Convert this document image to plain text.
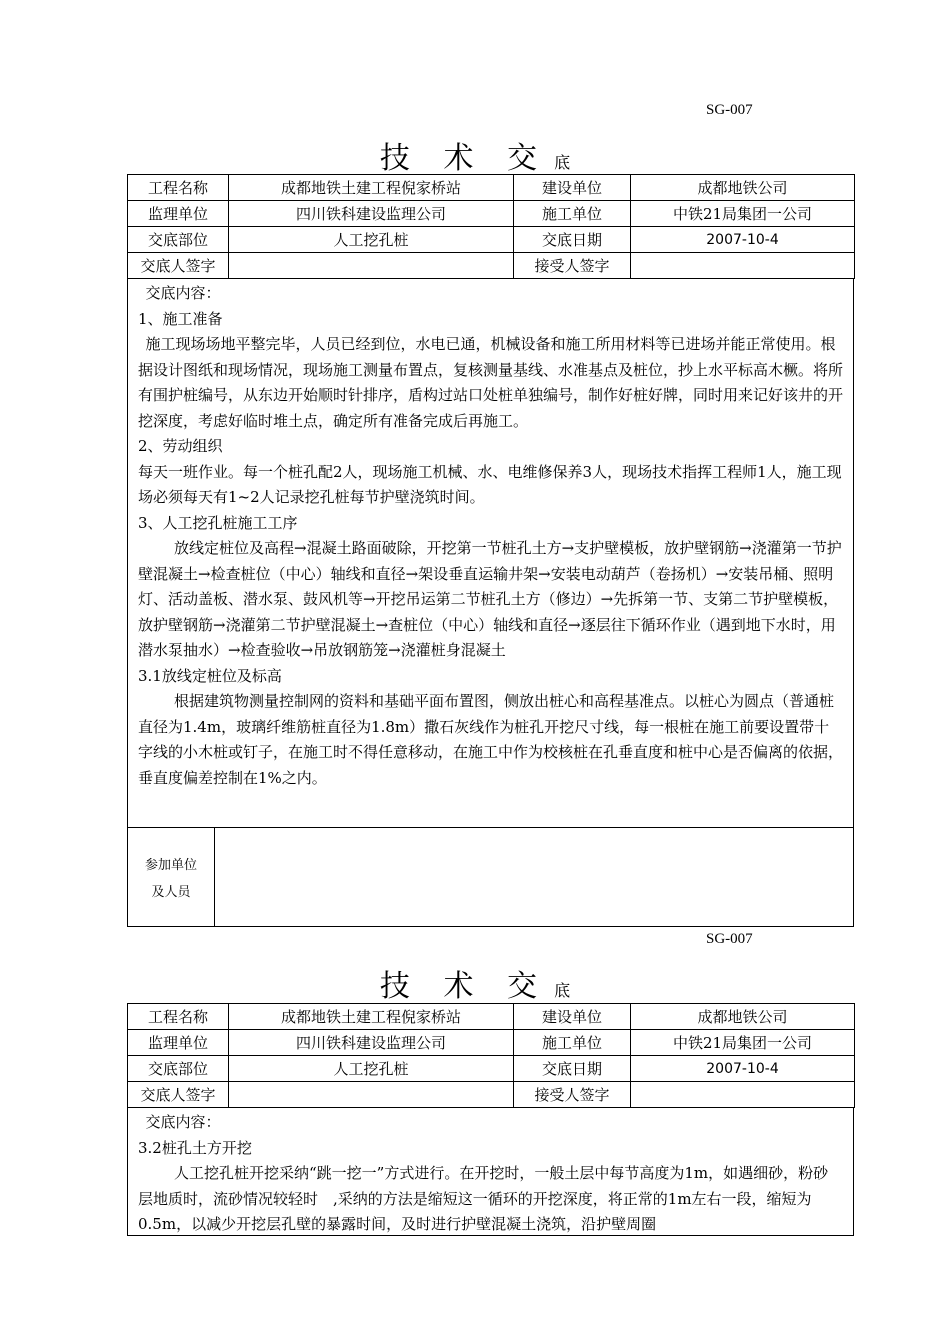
SG-007
技 术 交 底
工程名称	成都地铁土建工程倪家桥站	建设单位	成都地铁公司
监理单位	四川铁科建设监理公司	施工单位	中铁21局集团一公司
交底部位	人工挖孔桩	交底日期	2007-10-4
交底人签字		接受人签字	

交底内容：

1、施工准备

施工现场场地平整完毕，人员已经到位，水电已通，机械设备和施工所用材料等已进场并能正常使用。根据设计图纸和现场情况，现场施工测量布置点，复核测量基线、水准基点及桩位，抄上水平标高木橛。将所有围护桩编号，从东边开始顺时针排序，盾构过站口处桩单独编号，制作好桩好牌，同时用来记好该井的开挖深度，考虑好临时堆土点，确定所有准备完成后再施工。

2、劳动组织

每天一班作业。每一个桩孔配2人，现场施工机械、水、电维修保养3人，现场技术指挥工程师1人，施工现场必须每天有1~2人记录挖孔桩每节护壁浇筑时间。

3、人工挖孔桩施工工序

放线定桩位及高程→混凝土路面破除，开挖第一节桩孔土方→支护壁模板，放护壁钢筋→浇灌第一节护壁混凝土→检查桩位（中心）轴线和直径→架设垂直运输井架→安装电动葫芦（卷扬机）→安装吊桶、照明灯、活动盖板、潜水泵、鼓风机等→开挖吊运第二节桩孔土方（修边）→先拆第一节、支第二节护壁模板，放护壁钢筋→浇灌第二节护壁混凝土→查桩位（中心）轴线和直径→逐层往下循环作业（遇到地下水时，用潜水泵抽水）→检查验收→吊放钢筋笼→浇灌桩身混凝土

3.1放线定桩位及标高

根据建筑物测量控制网的资料和基础平面布置图，侧放出桩心和高程基准点。以桩心为圆点（普通桩直径为1.4m，玻璃纤维筋桩直径为1.8m）撒石灰线作为桩孔开挖尺寸线，每一根桩在施工前要设置带十字线的小木桩或钉子，在施工时不得任意移动，在施工中作为校核桩在孔垂直度和桩中心是否偏离的依据，垂直度偏差控制在1%之内。

参加单位
及人员
SG-007
技 术 交 底
工程名称	成都地铁土建工程倪家桥站	建设单位	成都地铁公司
监理单位	四川铁科建设监理公司	施工单位	中铁21局集团一公司
交底部位	人工挖孔桩	交底日期	2007-10-4
交底人签字		接受人签字	

交底内容：

3.2桩孔土方开挖

人工挖孔桩开挖采纳“跳一挖一”方式进行。在开挖时，一般土层中每节高度为1m，如遇细砂，粉砂层地质时，流砂情况较轻时　,采纳的方法是缩短这一循环的开挖深度，将正常的1m左右一段，缩短为0.5m，以减少开挖层孔壁的暴露时间，及时进行护壁混凝土浇筑，沿护壁周圈
